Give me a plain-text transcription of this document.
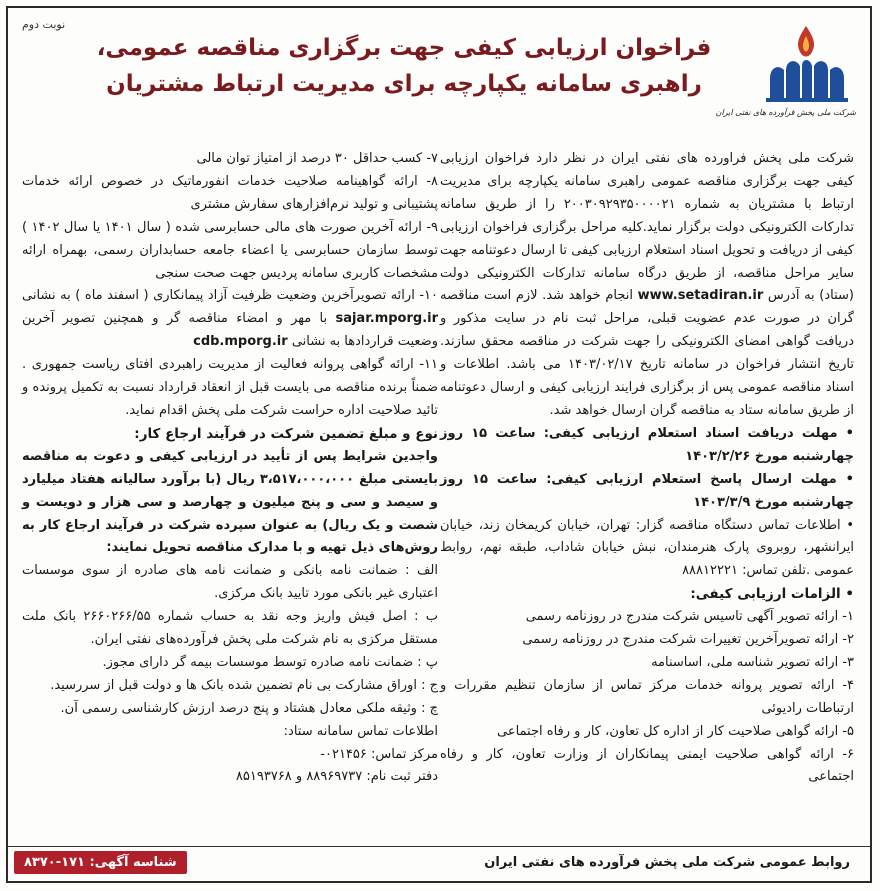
شرکت ملی پخش فرآورده های نفتی ایران
نوبت دوم
فراخوان ارزیابی کیفی جهت برگزاری مناقصه عمومی،
راهبری سامانه یکپارچه برای مدیریت ارتباط مشتریان

شرکت ملی پخش فراورده های نفتی ایران در نظر دارد فراخوان ارزیابی کیفی جهت برگزاری مناقصه عمومی راهبری سامانه یکپارچه برای مدیریت ارتباط با مشتریان به شماره ۲۰۰۳۰۹۲۹۳۵۰۰۰۰۲۱ را از طریق سامانه تدارکات الکترونیکی دولت برگزار نماید.کلیه مراحل برگزاری فراخوان ارزیابی کیفی از دریافت و تحویل اسناد استعلام ارزیابی کیفی تا ارسال دعوتنامه جهت سایر مراحل مناقصه، از طریق درگاه سامانه تدارکات الکترونیکی دولت (ستاد) به آدرس www.setadiran.ir انجام خواهد شد. لازم است مناقصه گران در صورت عدم عضویت قبلی، مراحل ثبت نام در سایت مذکور و دریافت گواهی امضای الکترونیکی را جهت شرکت در مناقصه محقق سازند. تاریخ انتشار فراخوان در سامانه تاریخ ۱۴۰۳/۰۲/۱۷ می باشد. اطلاعات و اسناد مناقصه عمومی پس از برگزاری فرایند ارزیابی کیفی و ارسال دعوتنامه از طریق سامانه ستاد به مناقصه گران ارسال خواهد شد.

• مهلت دریافت اسناد استعلام ارزیابی کیفی: ساعت ۱۵ روز چهارشنبه مورخ ۱۴۰۳/۲/۲۶

• مهلت ارسال پاسخ استعلام ارزیابی کیفی: ساعت ۱۵ روز چهارشنبه مورخ ۱۴۰۳/۳/۹

• اطلاعات تماس دستگاه مناقصه گزار: تهران، خیابان کریمخان زند، خیابان ایرانشهر، روبروی پارک هنرمندان، نبش خیابان شاداب، طبقه نهم، روابط عمومی .تلفن تماس: ۸۸۸۱۲۲۲۱

• الزامات ارزیابی کیفی:

۱- ارائه تصویر آگهی تاسیس شرکت مندرج در روزنامه رسمی

۲- ارائه تصویرآخرین تغییرات شرکت مندرج در روزنامه رسمی

۳- ارائه تصویر شناسه ملی، اساسنامه

۴- ارائه تصویر پروانه خدمات مرکز تماس از سازمان تنظیم مقررات و ارتباطات رادیوئی

۵- ارائه گواهی صلاحیت کار از اداره کل تعاون، کار و رفاه اجتماعی

۶- ارائه گواهی صلاحیت ایمنی پیمانکاران از وزارت تعاون، کار و رفاه اجتماعی

۷- کسب حداقل ۳۰ درصد از امتیاز توان مالی

۸- ارائه گواهینامه صلاحیت خدمات انفورماتیک در خصوص ارائه خدمات پشتیبانی و تولید نرم‌افزارهای سفارش مشتری

۹- ارائه آخرین صورت های مالی حسابرسی شده ( سال ۱۴۰۱ یا سال ۱۴۰۲ ) توسط سازمان حسابرسی یا اعضاء جامعه حسابداران رسمی، بهمراه ارائه مشخصات کاربری سامانه پردیس جهت صحت سنجی

۱۰- ارائه تصویرآخرین وضعیت ظرفیت آزاد پیمانکاری ( اسفند ماه ) به نشانی sajar.mporg.ir با مهر و امضاء مناقصه گر و همچنین تصویر آخرین وضعیت قراردادها به نشانی cdb.mporg.ir

۱۱- ارائه گواهی پروانه فعالیت از مدیریت راهبردی افتای ریاست جمهوری . ضمناً برنده مناقصه می بایست قبل از انعقاد قرارداد نسبت به تکمیل پرونده و تائید صلاحیت اداره حراست شرکت ملی پخش اقدام نماید.

نوع و مبلغ تضمین شرکت در فرآیند ارجاع کار:

واجدین شرایط پس از تأیید در ارزیابی کیفی و دعوت به مناقصه بایستی مبلغ ۳،۵۱۷،۰۰۰،۰۰۰ ریال (با برآورد سالیانه هفتاد میلیارد و سیصد و سی و پنج میلیون و چهارصد و سی هزار و دویست و شصت و یک ریال) به عنوان سپرده شرکت در فرآیند ارجاع کار به روش‌های ذیل تهیه و با مدارک مناقصه تحویل نمایند:

الف : ضمانت نامه بانکی و ضمانت نامه های صادره از سوی موسسات اعتباری غیر بانکی مورد تایید بانک مرکزی.

ب : اصل فیش واریز وجه نقد به حساب شماره ۲۶۶۰۲۶۶/۵۵ بانک ملت مستقل مرکزی به نام شرکت ملی پخش فرآورده‌های نفتی ایران.

پ : ضمانت نامه صادره توسط موسسات بیمه گر دارای مجوز.

ج : اوراق مشارکت بی نام تضمین شده بانک ها و دولت قبل از سررسید.

چ : وثیقه ملکی معادل هشتاد و پنج درصد ارزش کارشناسی رسمی آن.

اطلاعات تماس سامانه ستاد:

مرکز تماس: ۰۲۱۴۵۶-

دفتر ثبت نام: ۸۸۹۶۹۷۳۷ و ۸۵۱۹۳۷۶۸

روابط عمومی شرکت ملی پخش فرآورده های نفتی ایران
شناسه آگهی: ۱۷۱-۸۳۷۰
